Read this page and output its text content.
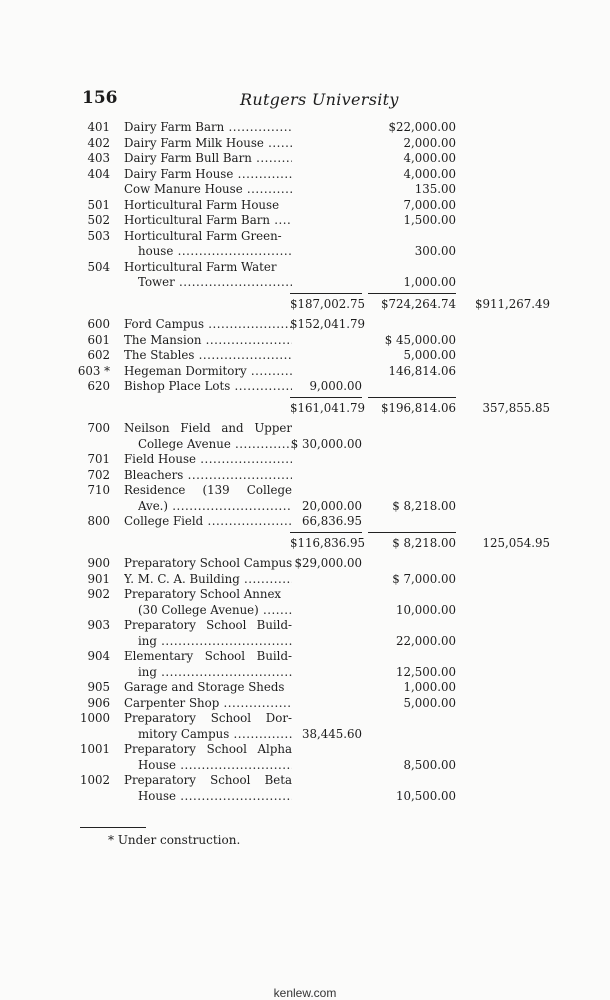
156	Rutgers University
401 Dairy Farm Barn .....	$22,000.00
402 Dairy Farm Milk House .....	2,000.00
403 Dairy Farm Bull Barn .....	4,000.00
404 Dairy Farm House .....	4,000.00
Cow Manure House .....	135.00
501 Horticultural Farm House	7,000.00
502 Horticultural Farm Barn .....	1,500.00
503 Horticultural Farm Green-
house .....	300.00
504 Horticultural Farm Water
Tower .....	1,000.00
$187,002.75	$724,264.74	$911,267.49
600 Ford Campus .....	$152,041.79
601 The Mansion .....	$ 45,000.00
602 The Stables .....	5,000.00
603 * Hegeman Dormitory .....	146,814.06
620 Bishop Place Lots .....	9,000.00
$161,041.79	$196,814.06	357,855.85
700 Neilson Field and Upper
College Avenue .....	$ 30,000.00
701 Field House .....
702 Bleachers .....
710 Residence (139 College
Ave.) .....	20,000.00	$ 8,218.00
800 College Field .....	66,836.95
$116,836.95	$ 8,218.00	125,054.95
900 Preparatory School Campus $29,000.00
901 Y. M. C. A. Building .....	$ 7,000.00
902 Preparatory School Annex
(30 College Avenue) .....	10,000.00
903 Preparatory School Build-
ing .....	22,000.00
904 Elementary School Build-
ing .....	12,500.00
905 Garage and Storage Sheds	1,000.00
906 Carpenter Shop .....	5,000.00
1000 Preparatory School Dor-
mitory Campus .....	38,445.60
1001 Preparatory School Alpha
House .....	8,500.00
1002 Preparatory School Beta
House .....	10,500.00
* Under construction.
kenlew.com
